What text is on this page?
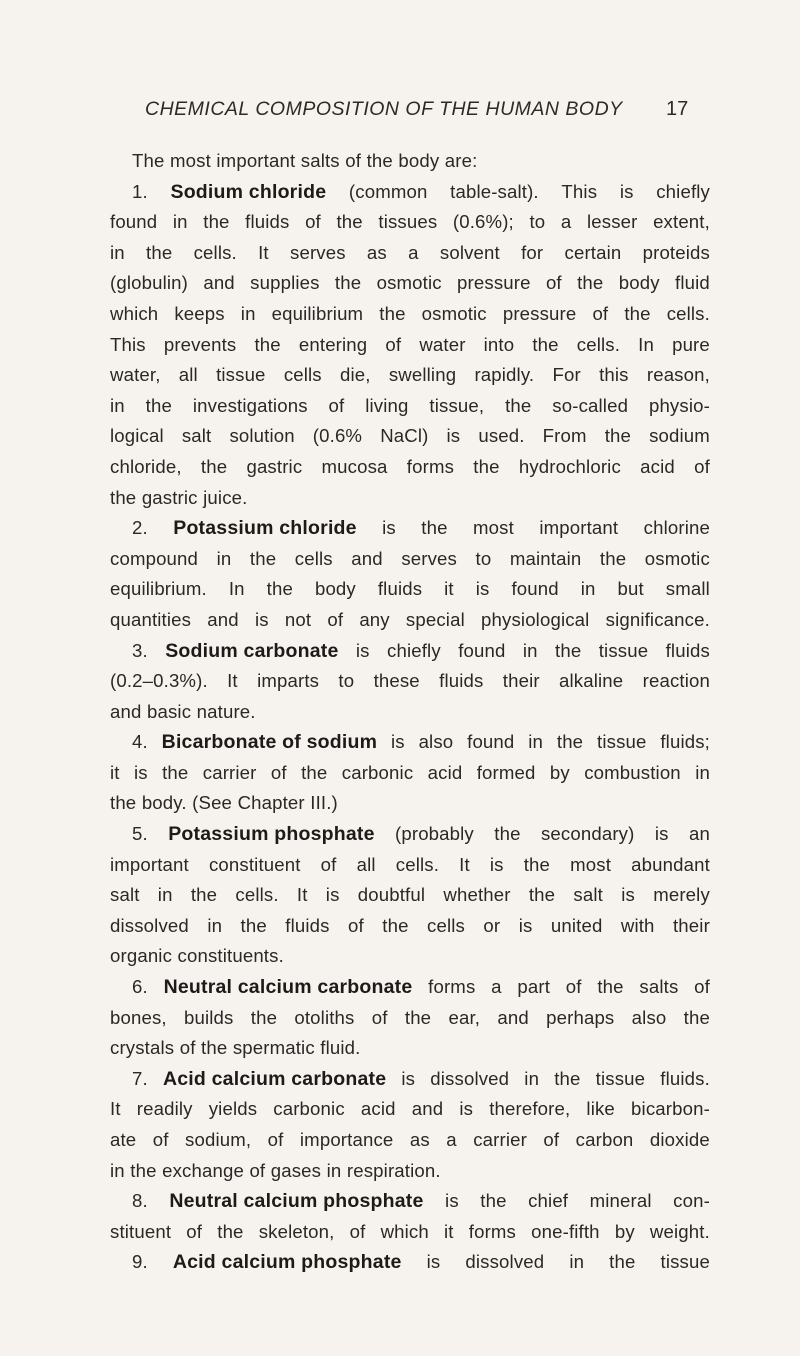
CHEMICAL COMPOSITION OF THE HUMAN BODY 17
The most important salts of the body are:
1. Sodium chloride (common table-salt). This is chiefly
found in the fluids of the tissues (0.6%); to a lesser extent,
in the cells. It serves as a solvent for certain proteids
(globulin) and supplies the osmotic pressure of the body fluid
which keeps in equilibrium the osmotic pressure of the cells.
This prevents the entering of water into the cells. In pure
water, all tissue cells die, swelling rapidly. For this reason,
in the investigations of living tissue, the so-called physio-
logical salt solution (0.6% NaCl) is used. From the sodium
chloride, the gastric mucosa forms the hydrochloric acid of
the gastric juice.
2. Potassium chloride is the most important chlorine
compound in the cells and serves to maintain the osmotic
equilibrium. In the body fluids it is found in but small
quantities and is not of any special physiological significance.
3. Sodium carbonate is chiefly found in the tissue fluids
(0.2–0.3%). It imparts to these fluids their alkaline reaction
and basic nature.
4. Bicarbonate of sodium is also found in the tissue fluids;
it is the carrier of the carbonic acid formed by combustion in
the body. (See Chapter III.)
5. Potassium phosphate (probably the secondary) is an
important constituent of all cells. It is the most abundant
salt in the cells. It is doubtful whether the salt is merely
dissolved in the fluids of the cells or is united with their
organic constituents.
6. Neutral calcium carbonate forms a part of the salts of
bones, builds the otoliths of the ear, and perhaps also the
crystals of the spermatic fluid.
7. Acid calcium carbonate is dissolved in the tissue fluids.
It readily yields carbonic acid and is therefore, like bicarbon-
ate of sodium, of importance as a carrier of carbon dioxide
in the exchange of gases in respiration.
8. Neutral calcium phosphate is the chief mineral con-
stituent of the skeleton, of which it forms one-fifth by weight.
9. Acid calcium phosphate is dissolved in the tissue
